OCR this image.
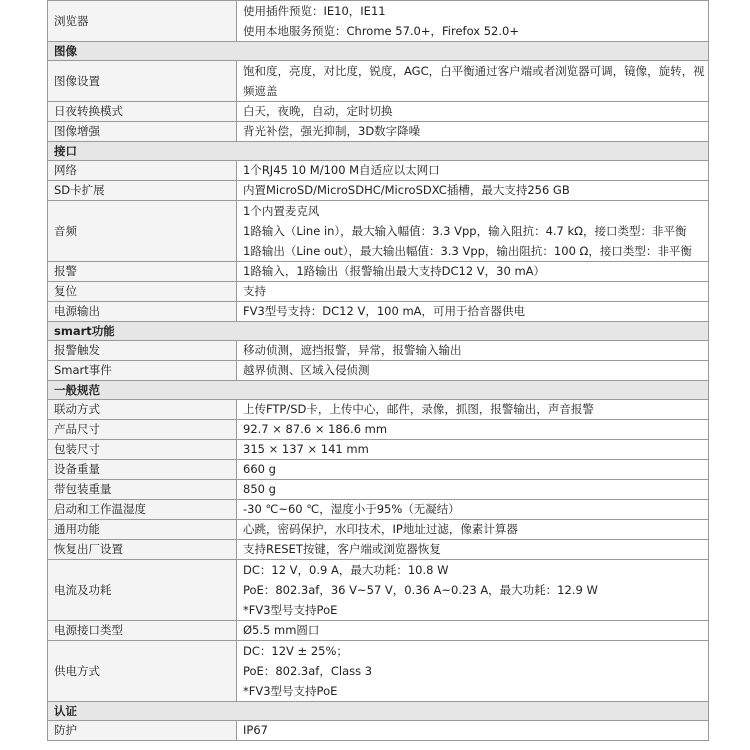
浏览器	使用插件预览：IE10，IE11
使用本地服务预览：Chrome 57.0+，Firefox 52.0+

图像	
图像设置	饱和度，亮度，对比度，锐度，AGC，白平衡通过客户端或者浏览器可调，镜像，旋转，视
频遮盖

日夜转换模式	白天，夜晚，自动，定时切换

图像增强	背光补偿，强光抑制，3D数字降噪

接口	
网络	1个RJ45 10 M/100 M自适应以太网口

SD卡扩展	内置MicroSD/MicroSDHC/MicroSDXC插槽，最大支持256 GB

音频	1个内置麦克风
1路输入（Line in），最大输入幅值：3.3 Vpp，输入阻抗：4.7 kΩ，接口类型：非平衡
1路输出（Line out），最大输出幅值：3.3 Vpp，输出阻抗：100 Ω，接口类型：非平衡

报警	1路输入，1路输出（报警输出最大支持DC12 V，30 mA）

复位	支持

电源输出	FV3型号支持：DC12 V，100 mA，可用于拾音器供电

smart功能	
报警触发	移动侦测，遮挡报警，异常，报警输入输出

Smart事件	越界侦测、区域入侵侦测

一般规范	
联动方式	上传FTP/SD卡，上传中心，邮件，录像，抓图，报警输出，声音报警

产品尺寸	92.7 × 87.6 × 186.6 mm

包装尺寸	315 × 137 × 141 mm

设备重量	660 g

带包装重量	850 g

启动和工作温湿度	-30 ℃~60 ℃，湿度小于95%（无凝结）

通用功能	心跳，密码保护，水印技术，IP地址过滤，像素计算器

恢复出厂设置	支持RESET按键，客户端或浏览器恢复

电流及功耗	DC：12 V，0.9 A，最大功耗：10.8 W
PoE：802.3af，36 V~57 V，0.36 A~0.23 A，最大功耗：12.9 W
*FV3型号支持PoE

电源接口类型	Ø5.5 mm圆口

供电方式	DC：12V ± 25%；
PoE：802.3af，Class 3
*FV3型号支持PoE

认证	
防护	IP67
